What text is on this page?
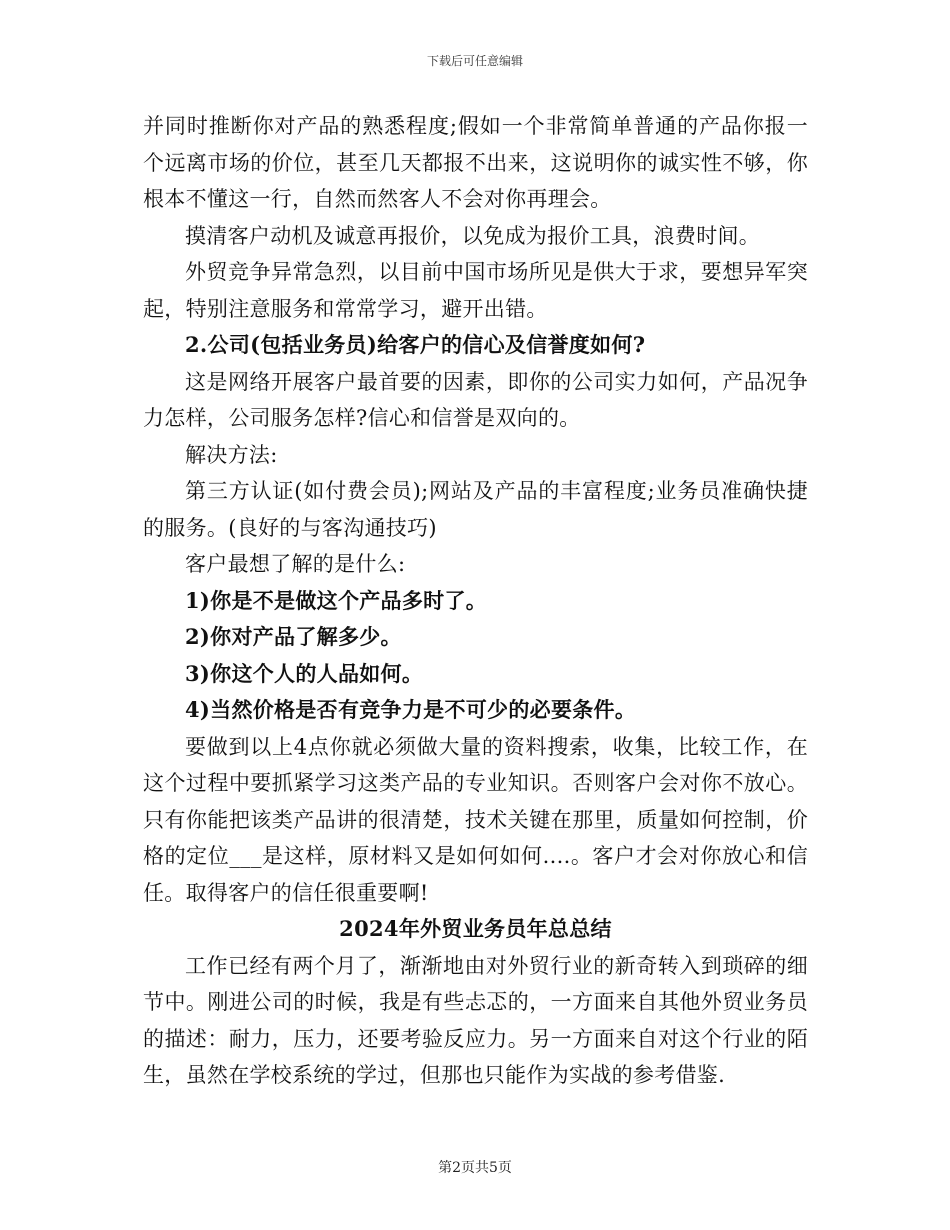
下载后可任意编辑

并同时推断你对产品的熟悉程度;假如一个非常简单普通的产品你报一个远离市场的价位，甚至几天都报不出来，这说明你的诚实性不够，你根本不懂这一行，自然而然客人不会对你再理会。

摸清客户动机及诚意再报价，以免成为报价工具，浪费时间。

外贸竞争异常急烈，以目前中国市场所见是供大于求，要想异军突起，特别注意服务和常常学习，避开出错。

2.公司(包括业务员)给客户的信心及信誉度如何?

这是网络开展客户最首要的因素，即你的公司实力如何，产品况争力怎样，公司服务怎样?信心和信誉是双向的。

解决方法:

第三方认证(如付费会员);网站及产品的丰富程度;业务员准确快捷的服务。(良好的与客沟通技巧)

客户最想了解的是什么:

1)你是不是做这个产品多时了。

2)你对产品了解多少。

3)你这个人的人品如何。

4)当然价格是否有竞争力是不可少的必要条件。

要做到以上4点你就必须做大量的资料搜索，收集，比较工作，在这个过程中要抓紧学习这类产品的专业知识。否则客户会对你不放心。只有你能把该类产品讲的很清楚，技术关键在那里，质量如何控制，价格的定位___是这样，原材料又是如何如何....。客户才会对你放心和信任。取得客户的信任很重要啊!

2024年外贸业务员年总总结

工作已经有两个月了，渐渐地由对外贸行业的新奇转入到琐碎的细节中。刚进公司的时候，我是有些忐忑的，一方面来自其他外贸业务员的描述：耐力，压力，还要考验反应力。另一方面来自对这个行业的陌生，虽然在学校系统的学过，但那也只能作为实战的参考借鉴.

第2页共5页
